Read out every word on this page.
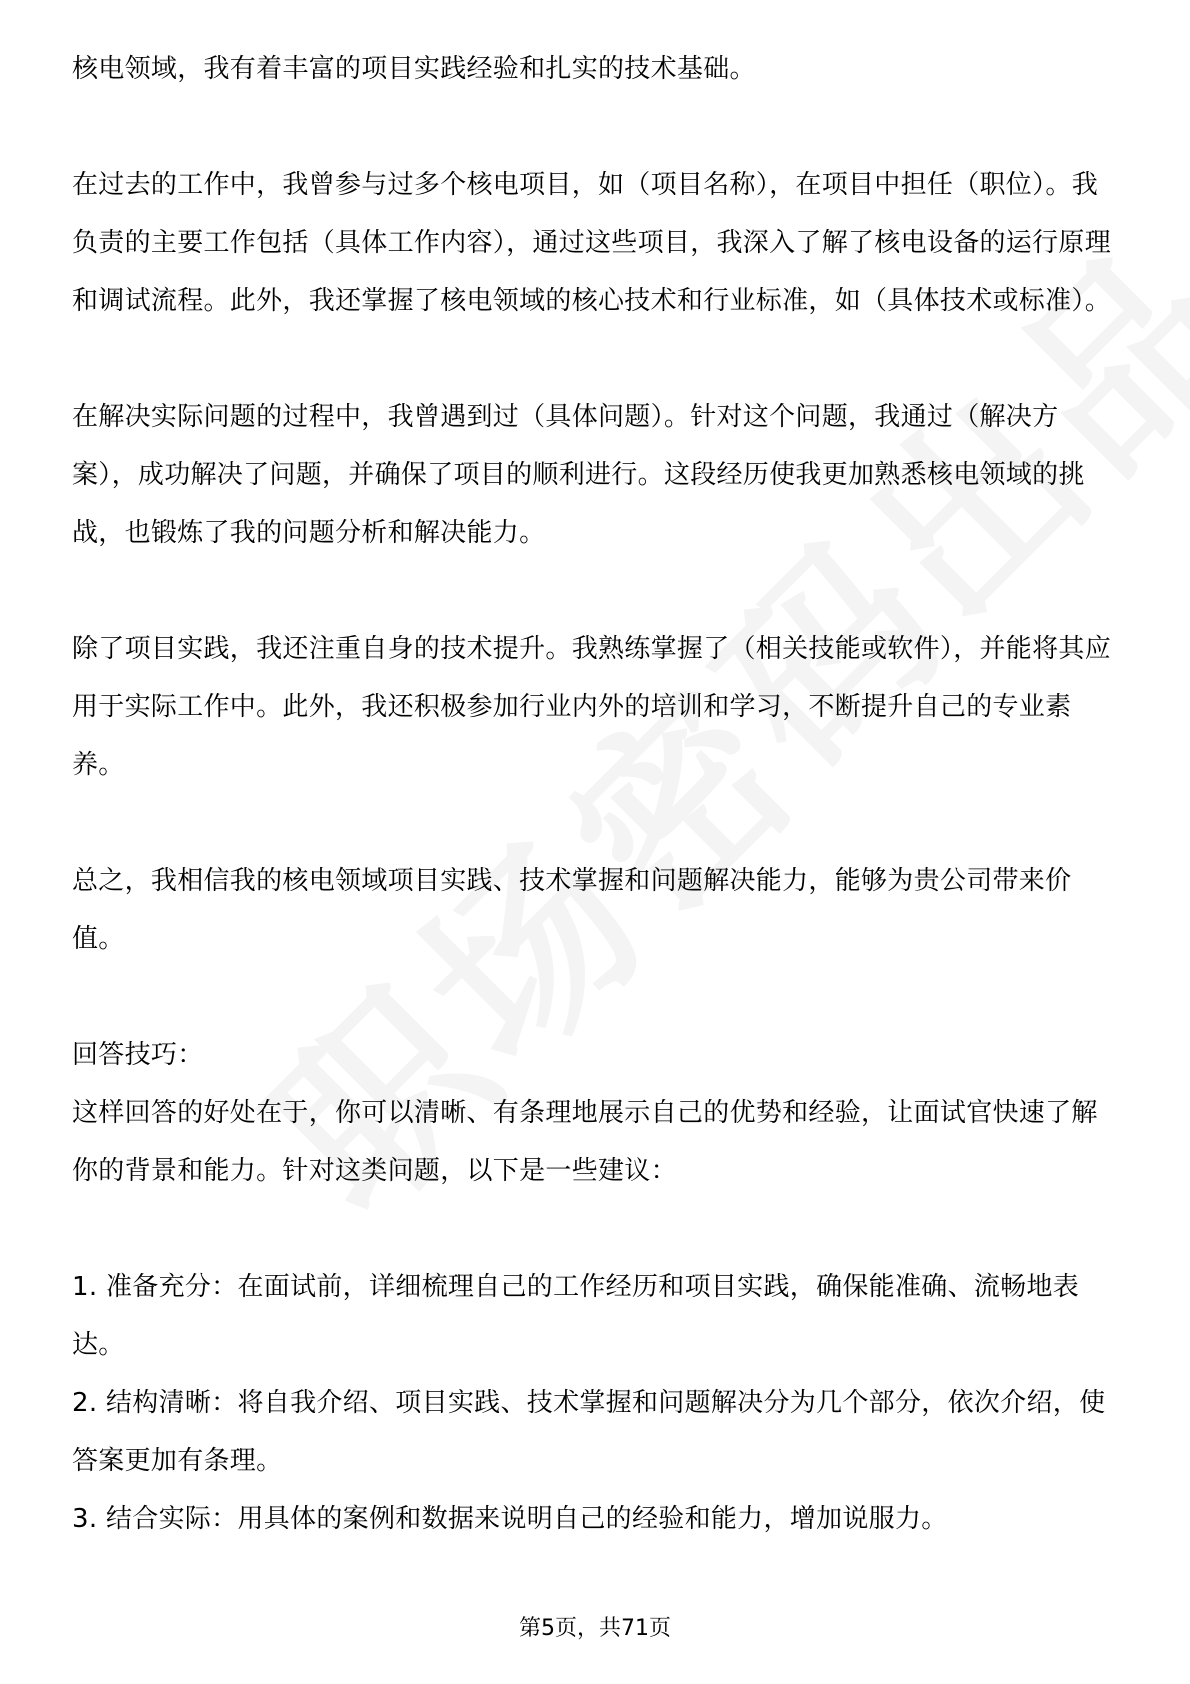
核电领域，我有着丰富的项目实践经验和扎实的技术基础。

在过去的工作中，我曾参与过多个核电项目，如（项目名称），在项目中担任（职位）。我负责的主要工作包括（具体工作内容），通过这些项目，我深入了解了核电设备的运行原理和调试流程。此外，我还掌握了核电领域的核心技术和行业标准，如（具体技术或标准）。

在解决实际问题的过程中，我曾遇到过（具体问题）。针对这个问题，我通过（解决方案），成功解决了问题，并确保了项目的顺利进行。这段经历使我更加熟悉核电领域的挑战，也锻炼了我的问题分析和解决能力。

除了项目实践，我还注重自身的技术提升。我熟练掌握了（相关技能或软件），并能将其应用于实际工作中。此外，我还积极参加行业内外的培训和学习，不断提升自己的专业素养。

总之，我相信我的核电领域项目实践、技术掌握和问题解决能力，能够为贵公司带来价值。

回答技巧：

这样回答的好处在于，你可以清晰、有条理地展示自己的优势和经验，让面试官快速了解你的背景和能力。针对这类问题，以下是一些建议：

1. 准备充分：在面试前，详细梳理自己的工作经历和项目实践，确保能准确、流畅地表达。

2. 结构清晰：将自我介绍、项目实践、技术掌握和问题解决分为几个部分，依次介绍，使答案更加有条理。

3. 结合实际：用具体的案例和数据来说明自己的经验和能力，增加说服力。

第5页，共71页
